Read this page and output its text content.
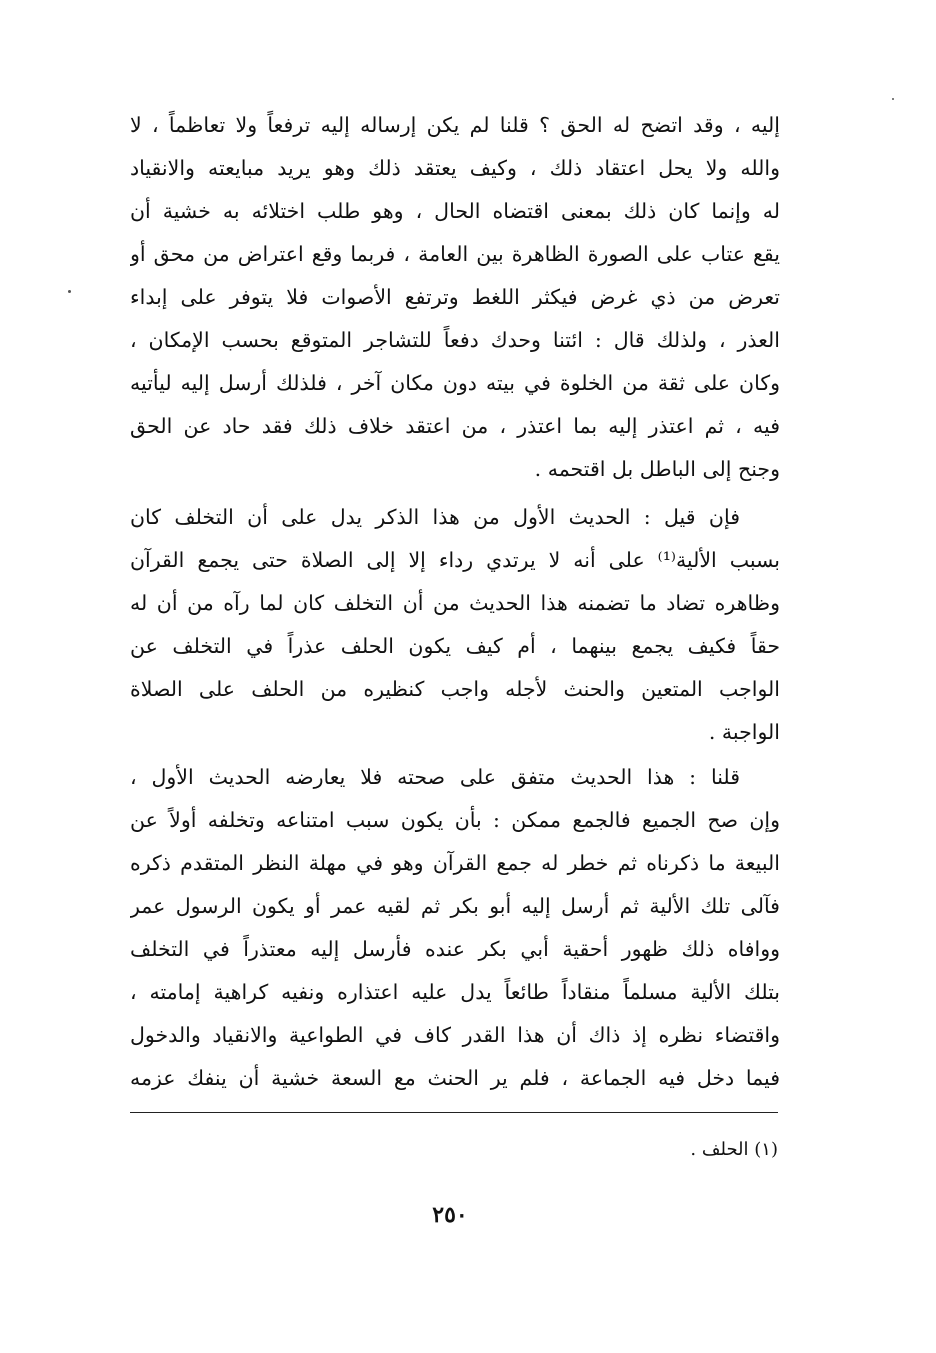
إليه ، وقد اتضح له الحق ؟ قلنا لم يكن إرساله إليه ترفعاً ولا تعاظماً ، لا
والله ولا يحل اعتقاد ذلك ، وكيف يعتقد ذلك وهو يريد مبايعته والانقياد
له وإنما كان ذلك بمعنى اقتضاه الحال ، وهو طلب اختلائه به خشية أن
يقع عتاب على الصورة الظاهرة بين العامة ، فربما وقع اعتراض من محق أو
تعرض من ذي غرض فيكثر اللغط وترتفع الأصوات فلا يتوفر على إبداء
العذر ، ولذلك قال : ائتنا وحدك دفعاً للتشاجر المتوقع بحسب الإمكان ،
وكان على ثقة من الخلوة في بيته دون مكان آخر ، فلذلك أرسل إليه ليأتيه
فيه ، ثم اعتذر إليه بما اعتذر ، من اعتقد خلاف ذلك فقد حاد عن الحق
وجنح إلى الباطل بل اقتحمه .
فإن قيل : الحديث الأول من هذا الذكر يدل على أن التخلف كان
بسبب الألية⁽¹⁾ على أنه لا يرتدي رداء إلا إلى الصلاة حتى يجمع القرآن
وظاهره تضاد ما تضمنه هذا الحديث من أن التخلف كان لما رآه من أن له
حقاً فكيف يجمع بينهما ، أم كيف يكون الحلف عذراً في التخلف عن
الواجب المتعين والحنث لأجله واجب كنظيره من الحلف على الصلاة
الواجبة .
قلنا : هذا الحديث متفق على صحته فلا يعارضه الحديث الأول ،
وإن صح الجميع فالجمع ممكن : بأن يكون سبب امتناعه وتخلفه أولاً عن
البيعة ما ذكرناه ثم خطر له جمع القرآن وهو في مهلة النظر المتقدم ذكره
فآلى تلك الألية ثم أرسل إليه أبو بكر ثم لقيه عمر أو يكون الرسول عمر
ووافاه ذلك ظهور أحقية أبي بكر عنده فأرسل إليه معتذراً في التخلف
بتلك الألية مسلماً منقاداً طائعاً يدل عليه اعتذاره ونفيه كراهية إمامته ،
واقتضاء نظره إذ ذاك أن هذا القدر كاف في الطواعية والانقياد والدخول
فيما دخل فيه الجماعة ، فلم ير الحنث مع السعة خشية أن ينفك عزمه
(١) الحلف .
٢٥٠
